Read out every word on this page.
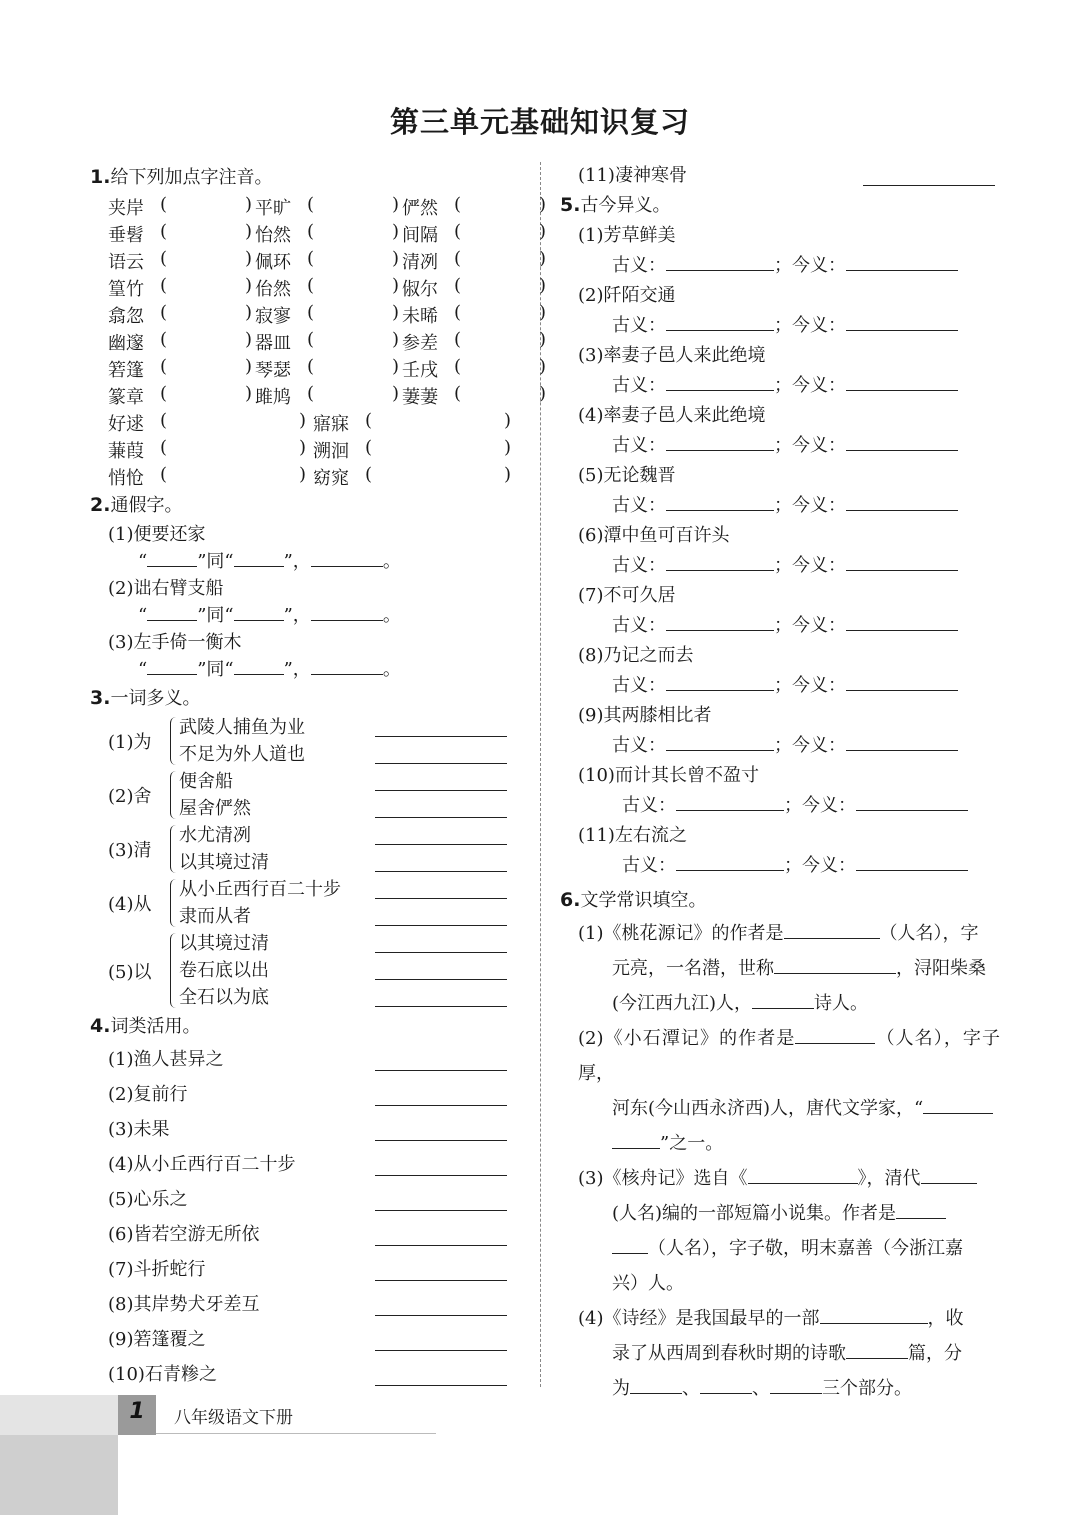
第三单元基础知识复习

1.给下列加点字注音。

夹岸 (	) 平旷 (	) 俨然 (	)
垂髫 (	) 怡然 (	) 间隔 (	)
语云 (	) 佩环 (	) 清冽 (	)
篁竹 (	) 佁然 (	) 俶尔 (	)
翕忽 (	) 寂寥 (	) 未晞 (	)
幽邃 (	) 器皿 (	) 参差 (	)
箬篷 (	) 琴瑟 (	) 壬戌 (	)
篆章 (	) 雎鸠 (	) 萋萋 (	)
好逑 (	) 寤寐 (	)
蒹葭 (	) 溯洄 (	)
悄怆 (	) 窈窕 (	)

2.通假字。

(1)便要还家
“	”同“	”，	。
(2)诎右臂支船
“	”同“	”，	。
(3)左手倚一衡木
“	”同“	”，	。

3.一词多义。

(1)为
武陵人捕鱼为业
不足为外人道也
(2)舍
便舍船
屋舍俨然
(3)清
水尤清冽
以其境过清
(4)从
从小丘西行百二十步
隶而从者
(5)以
以其境过清
卷石底以出
全石以为底

4.词类活用。

(1)渔人甚异之
(2)复前行
(3)未果
(4)从小丘西行百二十步
(5)心乐之
(6)皆若空游无所依
(7)斗折蛇行
(8)其岸势犬牙差互
(9)箬篷覆之
(10)石青糁之
(11)凄神寒骨

5.古今异义。

(1)芳草鲜美
古义：	；今义：
(2)阡陌交通
古义：	；今义：
(3)率妻子邑人来此绝境
古义：	；今义：
(4)率妻子邑人来此绝境
古义：	；今义：
(5)无论魏晋
古义：	；今义：
(6)潭中鱼可百许头
古义：	；今义：
(7)不可久居
古义：	；今义：
(8)乃记之而去
古义：	；今义：
(9)其两膝相比者
古义：	；今义：
(10)而计其长曾不盈寸
古义：	；今义：
(11)左右流之
古义：	；今义：

6.文学常识填空。

(1)《桃花源记》的作者是	（人名），字

元亮，一名潜，世称	，浔阳柴桑

(今江西九江)人，	诗人。

(2)《小石潭记》的作者是	（人名），字子厚，

河东(今山西永济西)人，唐代文学家，“

”之一。

(3)《核舟记》选自《	》，清代

(人名)编的一部短篇小说集。作者是

（人名），字子敬，明末嘉善（今浙江嘉

兴）人。

(4)《诗经》是我国最早的一部	，收

录了从西周到春秋时期的诗歌	篇，分

为	、	、	三个部分。

1	八年级语文下册
